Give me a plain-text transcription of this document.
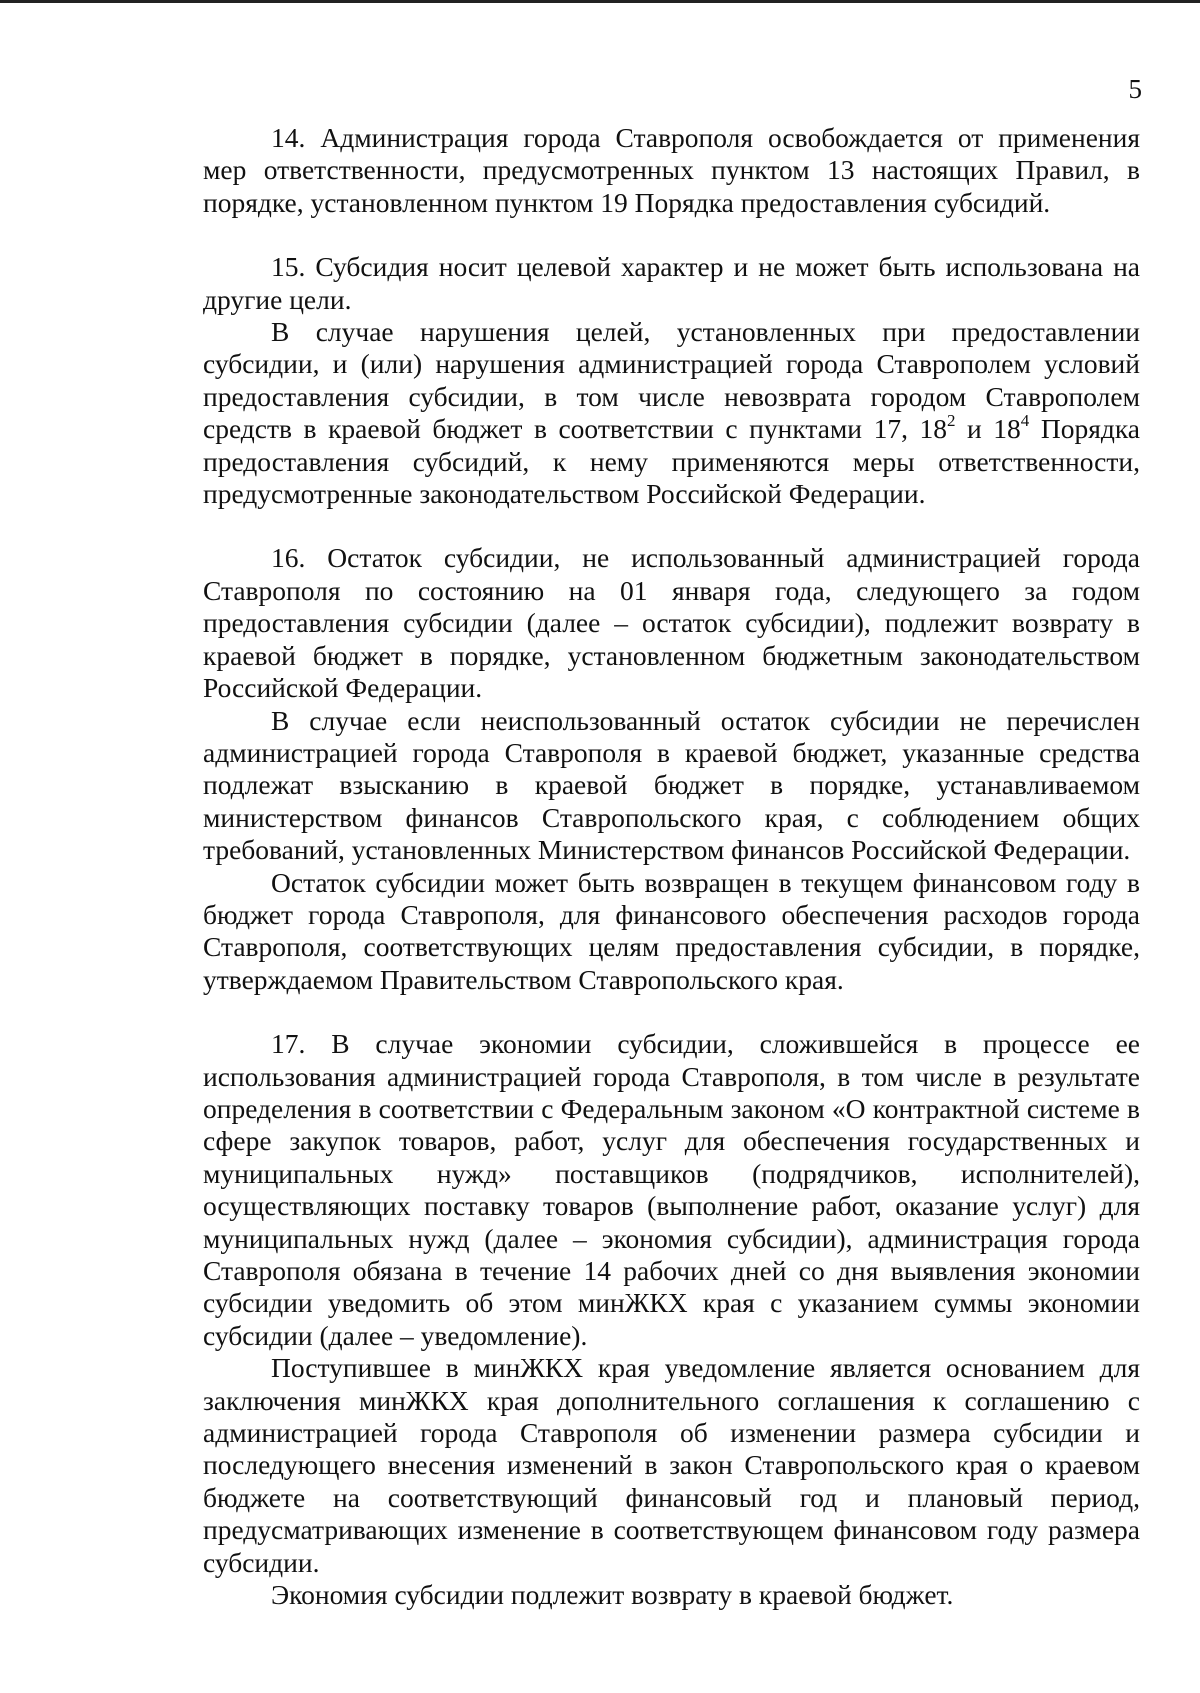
5

14. Администрация города Ставрополя освобождается от применения мер ответственности, предусмотренных пунктом 13 настоящих Правил, в порядке, установленном пунктом 19 Порядка предоставления субсидий.

15. Субсидия носит целевой характер и не может быть использована на другие цели.

В случае нарушения целей, установленных при предоставлении субсидии, и (или) нарушения администрацией города Ставрополем условий предоставления субсидии, в том числе невозврата городом Ставрополем средств в краевой бюджет в соответствии с пунктами 17, $18^2$ и $18^4$ Порядка предоставления субсидий, к нему применяются меры ответственности, предусмотренные законодательством Российской Федерации.

16. Остаток субсидии, не использованный администрацией города Ставрополя по состоянию на 01 января года, следующего за годом предоставления субсидии (далее – остаток субсидии), подлежит возврату в краевой бюджет в порядке, установленном бюджетным законодательством Российской Федерации.

В случае если неиспользованный остаток субсидии не перечислен администрацией города Ставрополя в краевой бюджет, указанные средства подлежат взысканию в краевой бюджет в порядке, устанавливаемом министерством финансов Ставропольского края, с соблюдением общих требований, установленных Министерством финансов Российской Федерации.

Остаток субсидии может быть возвращен в текущем финансовом году в бюджет города Ставрополя, для финансового обеспечения расходов города Ставрополя, соответствующих целям предоставления субсидии, в порядке, утверждаемом Правительством Ставропольского края.

17. В случае экономии субсидии, сложившейся в процессе ее использования администрацией города Ставрополя, в том числе в результате определения в соответствии с Федеральным законом «О контрактной системе в сфере закупок товаров, работ, услуг для обеспечения государственных и муниципальных нужд» поставщиков (подрядчиков, исполнителей), осуществляющих поставку товаров (выполнение работ, оказание услуг) для муниципальных нужд (далее – экономия субсидии), администрация города Ставрополя обязана в течение 14 рабочих дней со дня выявления экономии субсидии уведомить об этом минЖКХ края с указанием суммы экономии субсидии (далее – уведомление).

Поступившее в минЖКХ края уведомление является основанием для заключения минЖКХ края дополнительного соглашения к соглашению с администрацией города Ставрополя об изменении размера субсидии и последующего внесения изменений в закон Ставропольского края о краевом бюджете на соответствующий финансовый год и плановый период, предусматривающих изменение в соответствующем финансовом году размера субсидии.

Экономия субсидии подлежит возврату в краевой бюджет.
